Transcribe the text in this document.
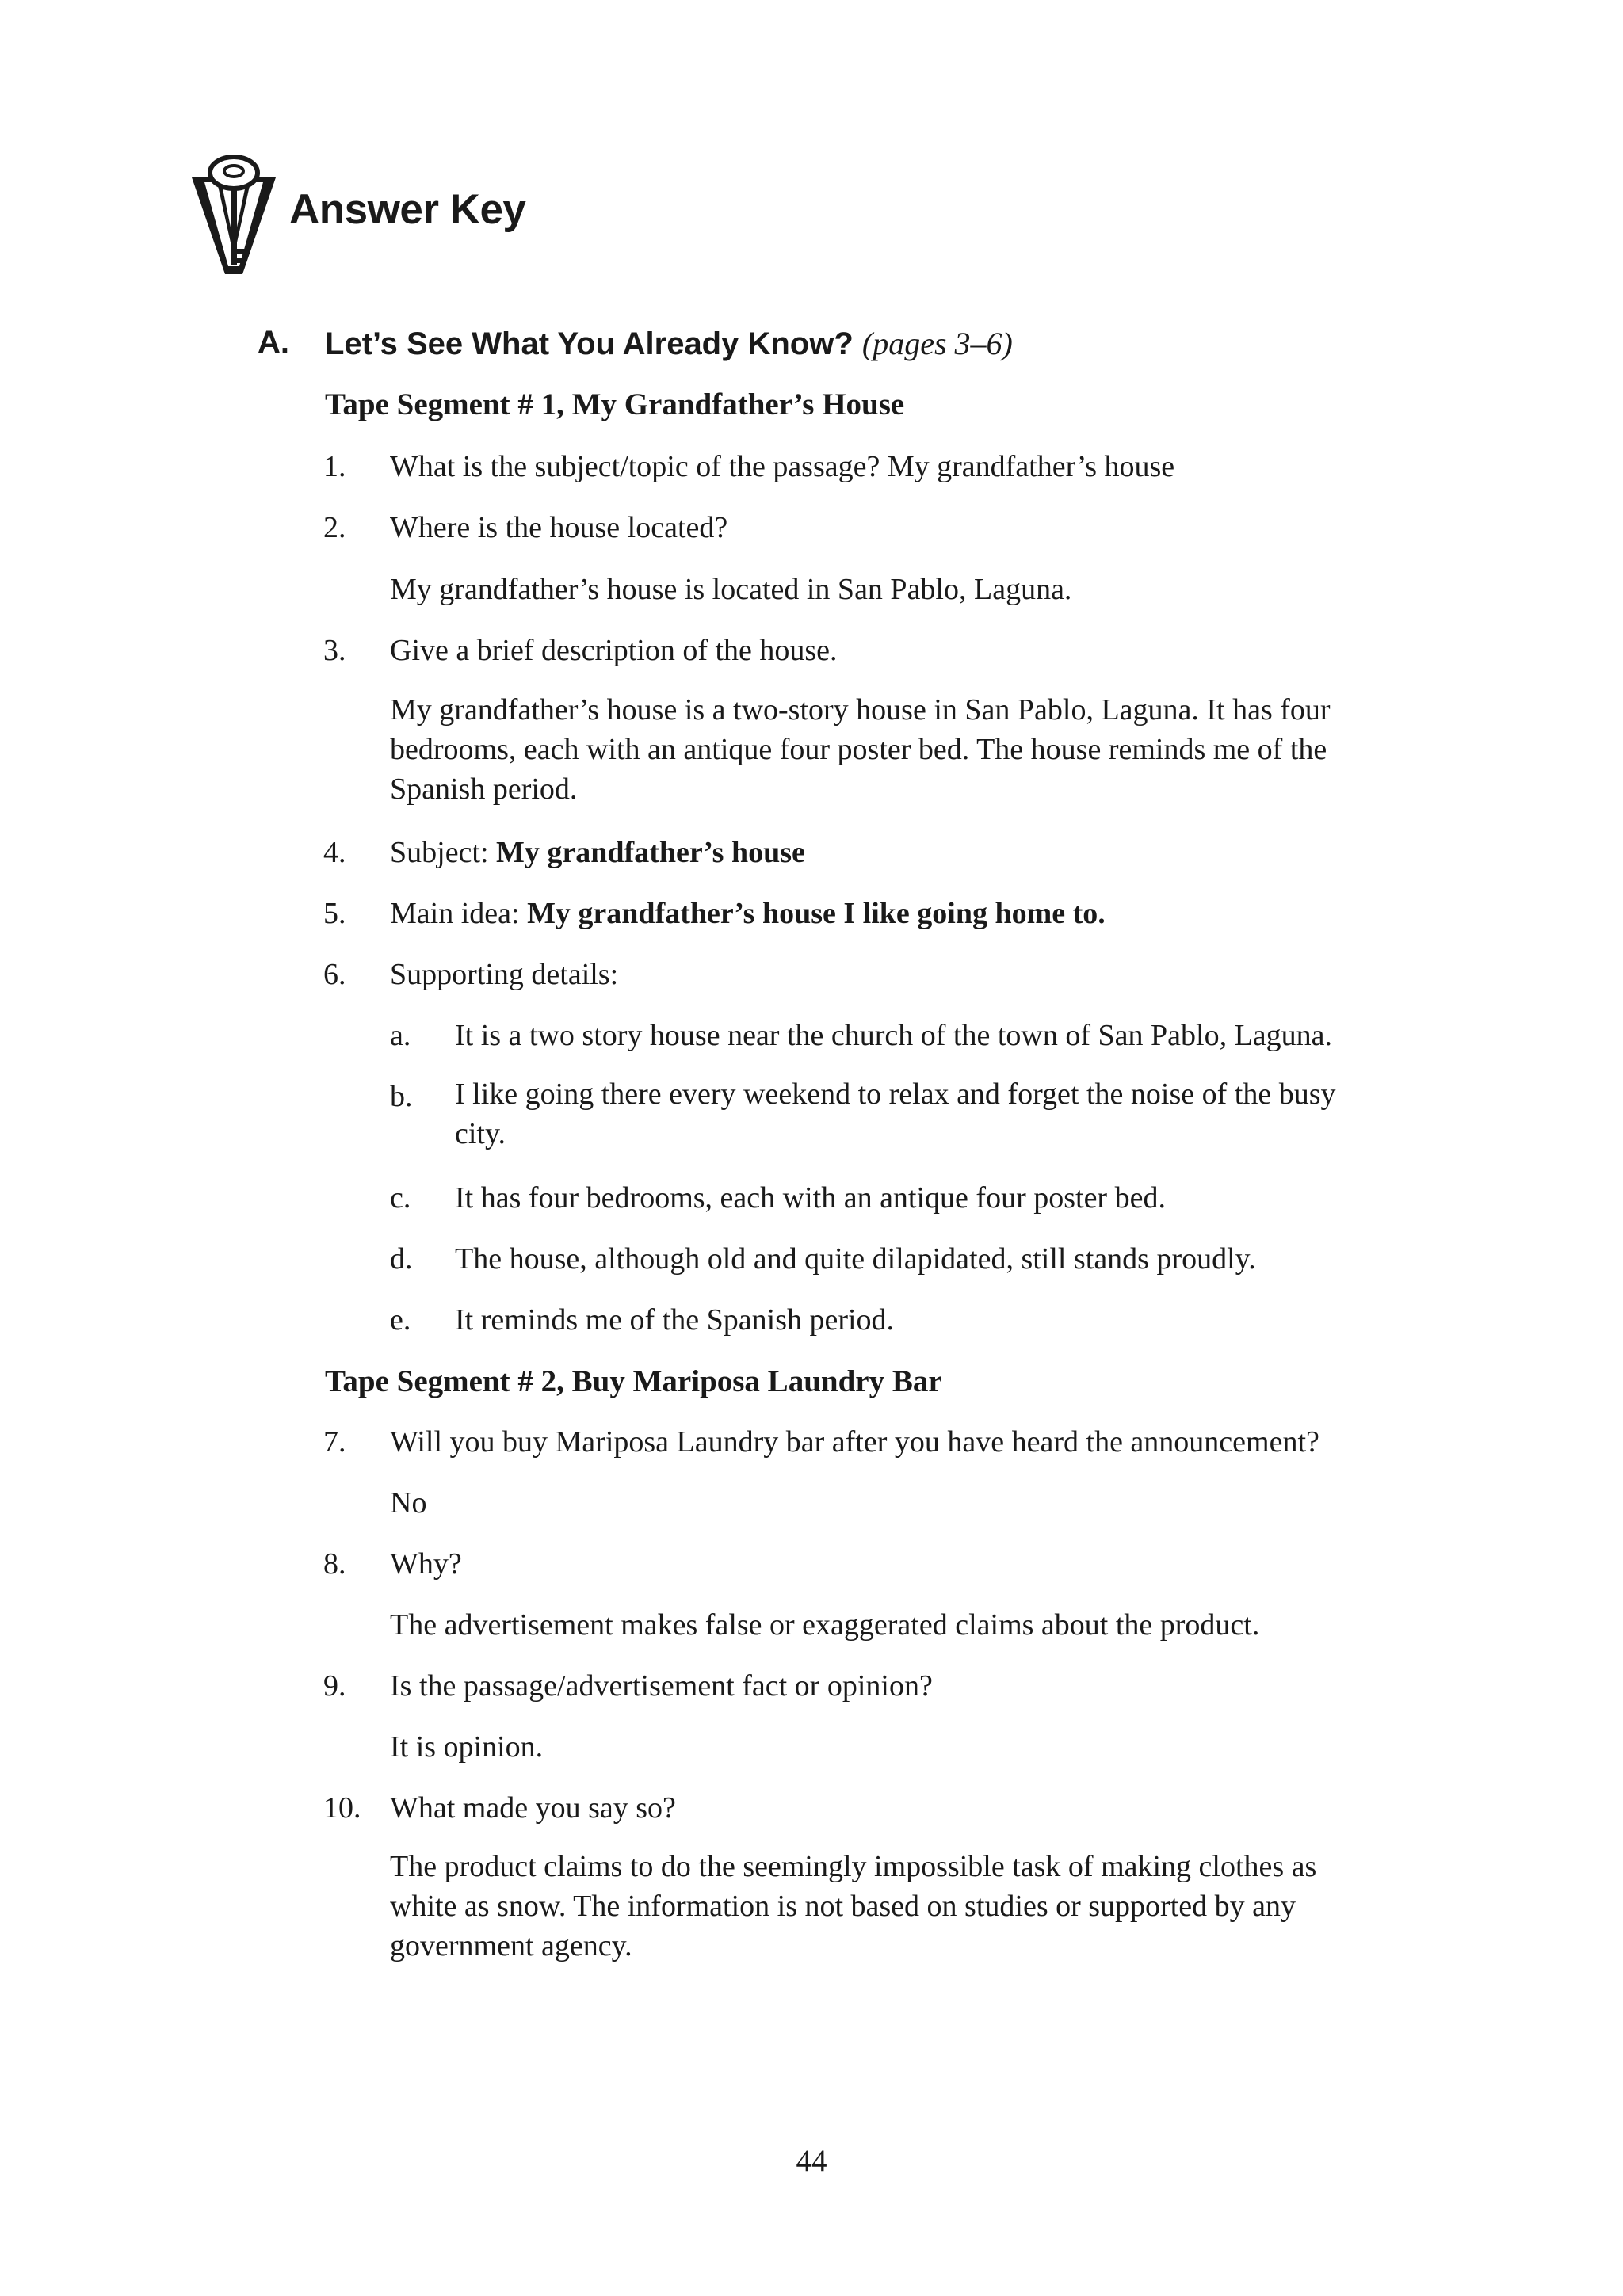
Answer Key
A. Let’s See What You Already Know? (pages 3–6)
Tape Segment # 1, My Grandfather’s House
1. What is the subject/topic of the passage? My grandfather’s house
2. Where is the house located?
My grandfather’s house is located in San Pablo, Laguna.
3. Give a brief description of the house.
My grandfather’s house is a two-story house in San Pablo, Laguna. It has four bedrooms, each with an antique four poster bed. The house reminds me of the Spanish period.
4. Subject: My grandfather’s house
5. Main idea: My grandfather’s house I like going home to.
6. Supporting details:
a. It is a two story house near the church of the town of San Pablo, Laguna.
b. I like going there every weekend to relax and forget the noise of the busy city.
c. It has four bedrooms, each with an antique four poster bed.
d. The house, although old and quite dilapidated, still stands proudly.
e. It reminds me of the Spanish period.
Tape Segment # 2, Buy Mariposa Laundry Bar
7. Will you buy Mariposa Laundry bar after you have heard the announcement?
No
8. Why?
The advertisement makes false or exaggerated claims about the product.
9. Is the passage/advertisement fact or opinion?
It is opinion.
10. What made you say so?
The product claims to do the seemingly impossible task of making clothes as white as snow. The information is not based on studies or supported by any government agency.
44
